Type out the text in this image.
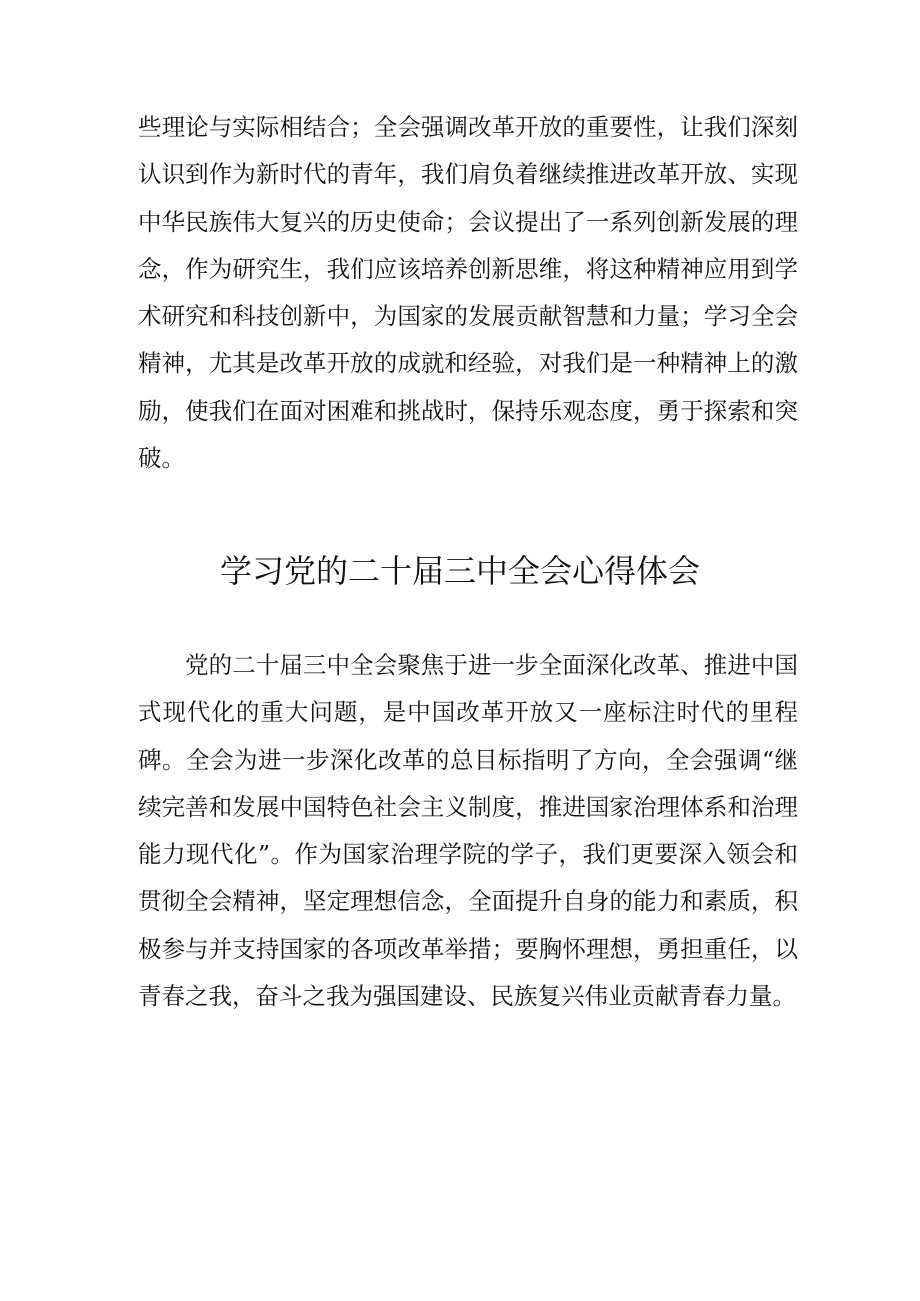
些理论与实际相结合；全会强调改革开放的重要性，让我们深刻认识到作为新时代的青年，我们肩负着继续推进改革开放、实现中华民族伟大复兴的历史使命；会议提出了一系列创新发展的理念，作为研究生，我们应该培养创新思维，将这种精神应用到学术研究和科技创新中，为国家的发展贡献智慧和力量；学习全会精神，尤其是改革开放的成就和经验，对我们是一种精神上的激励，使我们在面对困难和挑战时，保持乐观态度，勇于探索和突破。

学习党的二十届三中全会心得体会

党的二十届三中全会聚焦于进一步全面深化改革、推进中国式现代化的重大问题，是中国改革开放又一座标注时代的里程碑。全会为进一步深化改革的总目标指明了方向，全会强调“继续完善和发展中国特色社会主义制度，推进国家治理体系和治理能力现代化”。作为国家治理学院的学子，我们更要深入领会和贯彻全会精神，坚定理想信念，全面提升自身的能力和素质，积极参与并支持国家的各项改革举措；要胸怀理想，勇担重任，以青春之我，奋斗之我为强国建设、民族复兴伟业贡献青春力量。
